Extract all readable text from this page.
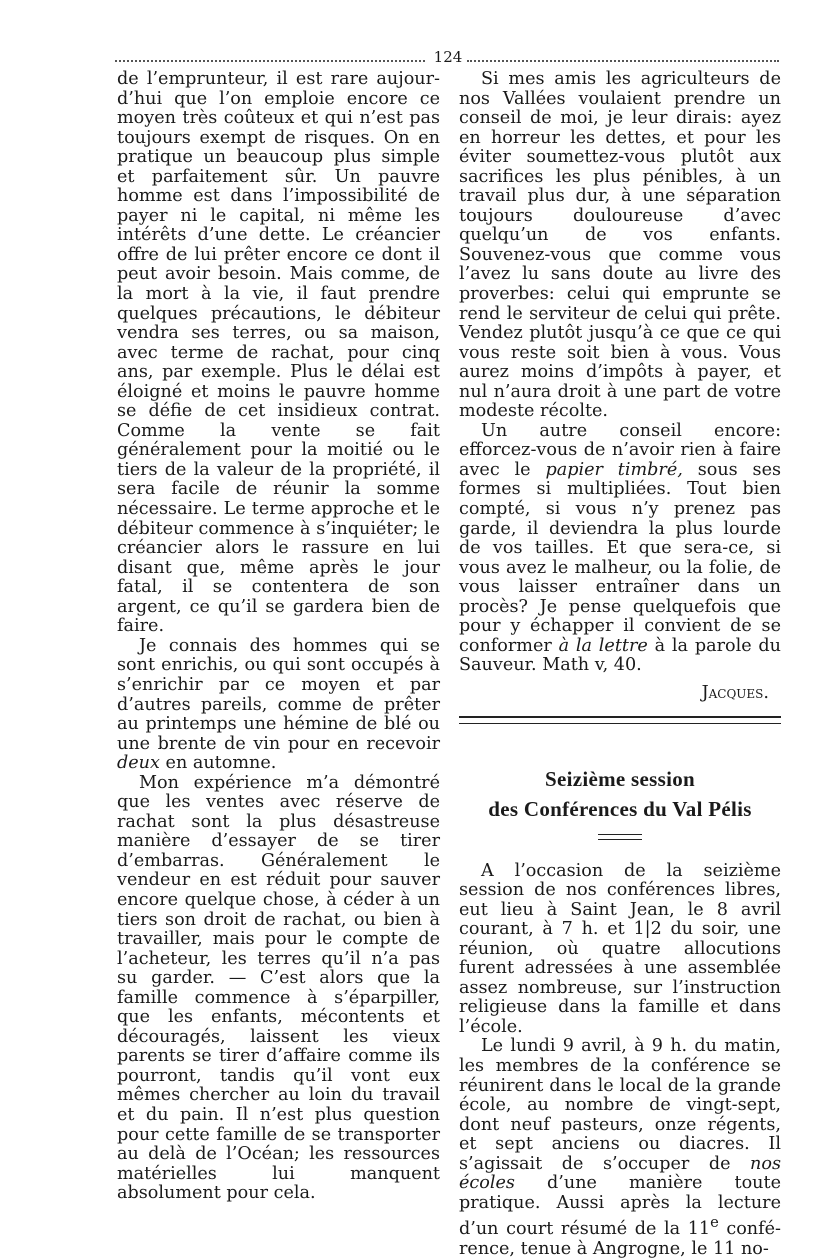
124

de l’emprunteur, il est rare aujourd’hui que l’on emploie encore ce moyen très coûteux et qui n’est pas toujours exempt de risques. On en pratique un beaucoup plus simple et parfaitement sûr. Un pauvre homme est dans l’impossibilité de payer ni le capital, ni même les intérêts d’une dette. Le créancier offre de lui prêter encore ce dont il peut avoir besoin. Mais comme, de la mort à la vie, il faut prendre quelques précautions, le débiteur vendra ses terres, ou sa maison, avec terme de rachat, pour cinq ans, par exemple. Plus le délai est éloigné et moins le pauvre homme se défie de cet insidieux contrat. Comme la vente se fait généralement pour la moitié ou le tiers de la valeur de la propriété, il sera facile de réunir la somme nécessaire. Le terme approche et le débiteur commence à s’inquiéter; le créancier alors le rassure en lui disant que, même après le jour fatal, il se contentera de son argent, ce qu’il se gardera bien de faire.

Je connais des hommes qui se sont enrichis, ou qui sont occupés à s’enrichir par ce moyen et par d’autres pareils, comme de prêter au printemps une hémine de blé ou une brente de vin pour en recevoir deux en automne.

Mon expérience m’a démontré que les ventes avec réserve de rachat sont la plus désastreuse manière d’essayer de se tirer d’embarras. Généralement le vendeur en est réduit pour sauver encore quelque chose, à céder à un tiers son droit de rachat, ou bien à travailler, mais pour le compte de l’acheteur, les terres qu’il n’a pas su garder. — C’est alors que la famille commence à s’éparpiller, que les enfants, mécontents et découragés, laissent les vieux parents se tirer d’affaire comme ils pourront, tandis qu’il vont eux mêmes chercher au loin du travail et du pain. Il n’est plus question pour cette famille de se transporter au delà de l’Océan; les ressources matérielles lui manquent absolument pour cela.

Si mes amis les agriculteurs de nos Vallées voulaient prendre un conseil de moi, je leur dirais: ayez en horreur les dettes, et pour les éviter soumettez-vous plutôt aux sacrifices les plus pénibles, à un travail plus dur, à une séparation toujours douloureuse d’avec quelqu’un de vos enfants. Souvenez-vous que comme vous l’avez lu sans doute au livre des proverbes: celui qui emprunte se rend le serviteur de celui qui prête. Vendez plutôt jusqu’à ce que ce qui vous reste soit bien à vous. Vous aurez moins d’impôts à payer, et nul n’aura droit à une part de votre modeste récolte.

Un autre conseil encore: efforcez-vous de n’avoir rien à faire avec le papier timbré, sous ses formes si multipliées. Tout bien compté, si vous n’y prenez pas garde, il deviendra la plus lourde de vos tailles. Et que sera-ce, si vous avez le malheur, ou la folie, de vous laisser entraîner dans un procès? Je pense quelquefois que pour y échapper il convient de se conformer à la lettre à la parole du Sauveur. Math v, 40.

Jacques.

Seizième session
des Conférences du Val Pélis

A l’occasion de la seizième session de nos conférences libres, eut lieu à Saint Jean, le 8 avril courant, à 7 h. et 1|2 du soir, une réunion, où quatre allocutions furent adressées à une assemblée assez nombreuse, sur l’instruction religieuse dans la famille et dans l’école.

Le lundi 9 avril, à 9 h. du matin, les membres de la conférence se réunirent dans le local de la grande école, au nombre de vingt-sept, dont neuf pasteurs, onze régents, et sept anciens ou diacres. Il s’agissait de s’occuper de nos écoles d’une manière toute pratique. Aussi après la lecture d’un court résumé de la 11e conférence, tenue à Angrogne, le 11 no-
